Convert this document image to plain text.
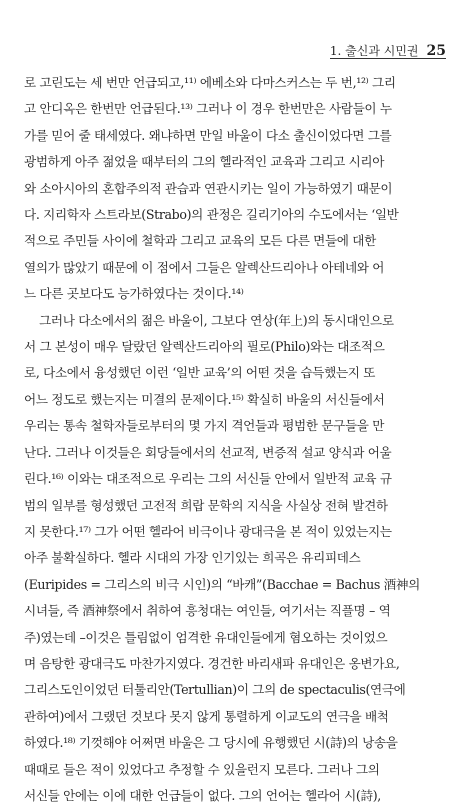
1. 출신과 시민권 25

로 고린도는 세 번만 언급되고,¹¹⁾ 에베소와 다마스커스는 두 번,¹²⁾ 그리
고 안디옥은 한번만 언급된다.¹³⁾ 그러나 이 경우 한번만은 사람들이 누
가를 믿어 줄 태세였다. 왜냐하면 만일 바울이 다소 출신이었다면 그를
광범하게 아주 젊었을 때부터의 그의 헬라적인 교육과 그리고 시리아
와 소아시아의 혼합주의적 관습과 연관시키는 일이 가능하였기 때문이
다. 지리학자 스트라보(Strabo)의 관정은 길리기아의 수도에서는 ‘일반
적으로 주민들 사이에 철학과 그리고 교육의 모든 다른 면들에 대한
열의가 많았기 때문에 이 점에서 그들은 알렉산드리아나 아테네와 어
느 다른 곳보다도 능가하였다는 것이다.¹⁴⁾

그러나 다소에서의 젊은 바울이, 그보다 연상(年上)의 동시대인으로
서 그 본성이 매우 달랐던 알렉산드리아의 필로(Philo)와는 대조적으
로, 다소에서 융성했던 이런 ‘일반 교육’의 어떤 것을 습득했는지 또
어느 정도로 했는지는 미결의 문제이다.¹⁵⁾ 확실히 바울의 서신들에서
우리는 통속 철학자들로부터의 몇 가지 격언들과 평범한 문구들을 만
난다. 그러나 이것들은 회당들에서의 선교적, 변증적 설교 양식과 어울
린다.¹⁶⁾ 이와는 대조적으로 우리는 그의 서신들 안에서 일반적 교육 규
범의 일부를 형성했던 고전적 희랍 문학의 지식을 사실상 전혀 발견하
지 못한다.¹⁷⁾ 그가 어떤 헬라어 비극이나 광대극을 본 적이 있었는지는
아주 불확실하다. 헬라 시대의 가장 인기있는 희곡은 유리피데스
(Euripides = 그리스의 비극 시인)의 “바캐”(Bacchae = Bachus 酒神의
시녀들, 즉 酒神祭에서 취하여 흥청대는 여인들, 여기서는 직플명 – 역
주)였는데 –이것은 틀림없이 엄격한 유대인들에게 혐오하는 것이었으
며 음탕한 광대극도 마찬가지였다. 경건한 바리새파 유대인은 옹변가요,
그리스도인이었던 터툴리안(Tertullian)이 그의 de spectaculis(연극에
관하여)에서 그랬던 것보다 못지 않게 통렬하게 이교도의 연극을 배척
하였다.¹⁸⁾ 기껏해야 어쩌면 바울은 그 당시에 유행했던 시(詩)의 낭송을
때때로 들은 적이 있었다고 추정할 수 있을런지 모른다. 그러나 그의
서신들 안에는 이에 대한 언급들이 없다. 그의 언어는 헬라어 시(詩),
